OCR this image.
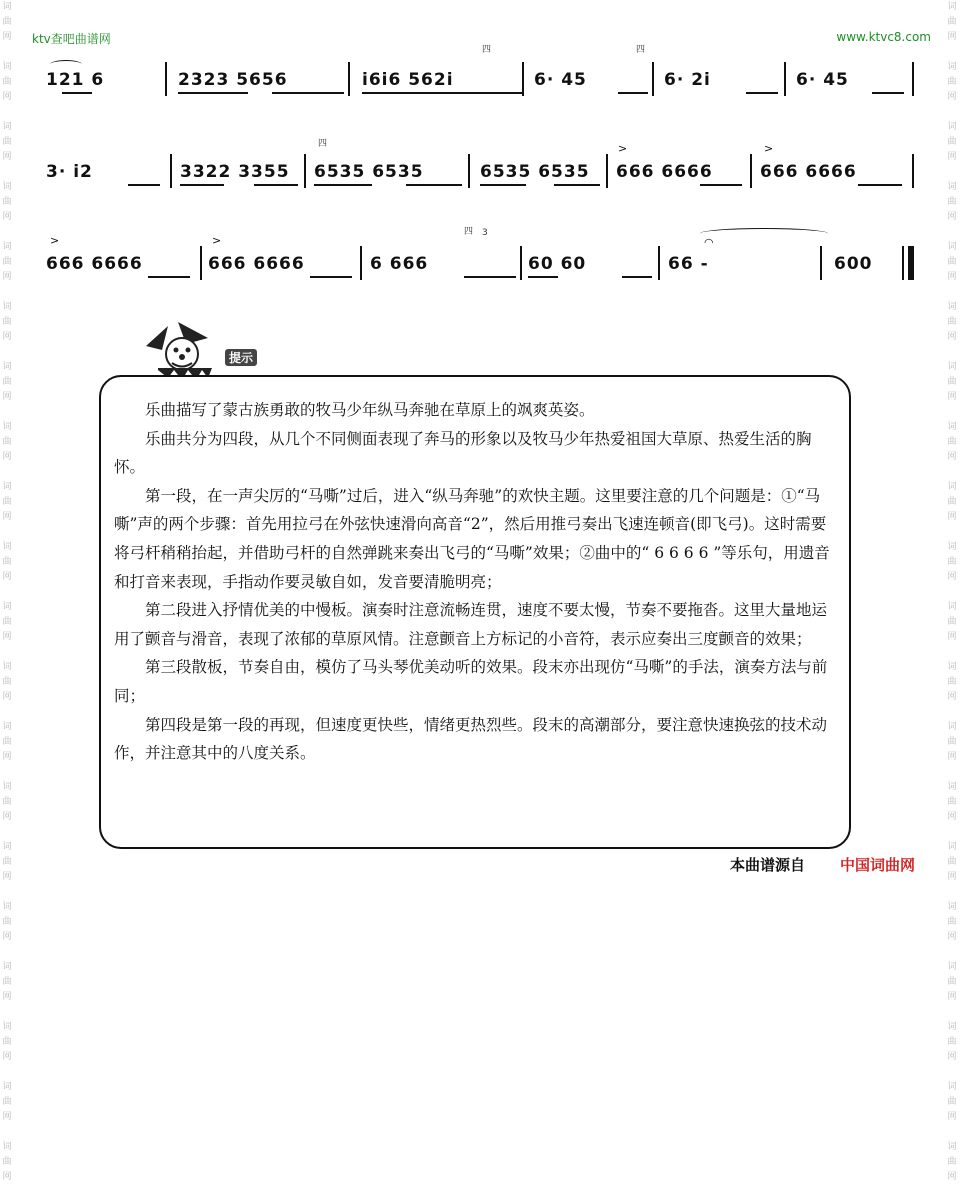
词
曲
网

词
曲
网

词
曲
网

词
曲
网

词
曲
网

词
曲
网

词
曲
网

词
曲
网

词
曲
网

词
曲
网

词
曲
网

词
曲
网

词
曲
网

词
曲
网

词
曲
网

词
曲
网

词
曲
网

词
曲
网

词
曲
网

词
曲
网

词
曲
网

词
曲
网

词
曲
网

词
曲
网

词
曲
网

词
曲
网

词
曲
网

词
曲
网

词
曲
网

词
曲
网

词
曲
网

词
曲
网

词
曲
网

词
曲
网

词
曲
网

词
曲
网

词
曲
网

词
曲
网

词
曲
网

词
曲
网

ktv查吧曲谱网	www.ktvc8.com
121 6	2323 5656	i6i6 562i
四
6· 45
四
6· 2i	6· 45
3· i2	3322 3355
四
6535 6535	6535 6535
>
666 6666
>
666 6666
>
666 6666
>
666 6666
四 3
6 666	60 60
◠
66 -	600
提示

乐曲描写了蒙古族勇敢的牧马少年纵马奔驰在草原上的飒爽英姿。

乐曲共分为四段，从几个不同侧面表现了奔马的形象以及牧马少年热爱祖国大草原、热爱生活的胸怀。

第一段，在一声尖厉的“马嘶”过后，进入“纵马奔驰”的欢快主题。这里要注意的几个问题是：①“马嘶”声的两个步骤：首先用拉弓在外弦快速滑向高音“2”，然后用推弓奏出飞速连顿音(即飞弓)。这时需要将弓杆稍稍抬起，并借助弓杆的自然弹跳来奏出飞弓的“马嘶”效果；②曲中的“ 6 6 6 6 ”等乐句，用遗音和打音来表现，手指动作要灵敏自如，发音要清脆明亮；

第二段进入抒情优美的中慢板。演奏时注意流畅连贯，速度不要太慢，节奏不要拖沓。这里大量地运用了颤音与滑音，表现了浓郁的草原风情。注意颤音上方标记的小音符，表示应奏出三度颤音的效果；

第三段散板，节奏自由，模仿了马头琴优美动听的效果。段末亦出现仿“马嘶”的手法，演奏方法与前同；

第四段是第一段的再现，但速度更快些，情绪更热烈些。段末的高潮部分，要注意快速换弦的技术动作，并注意其中的八度关系。

本曲谱源自 中国词曲网
